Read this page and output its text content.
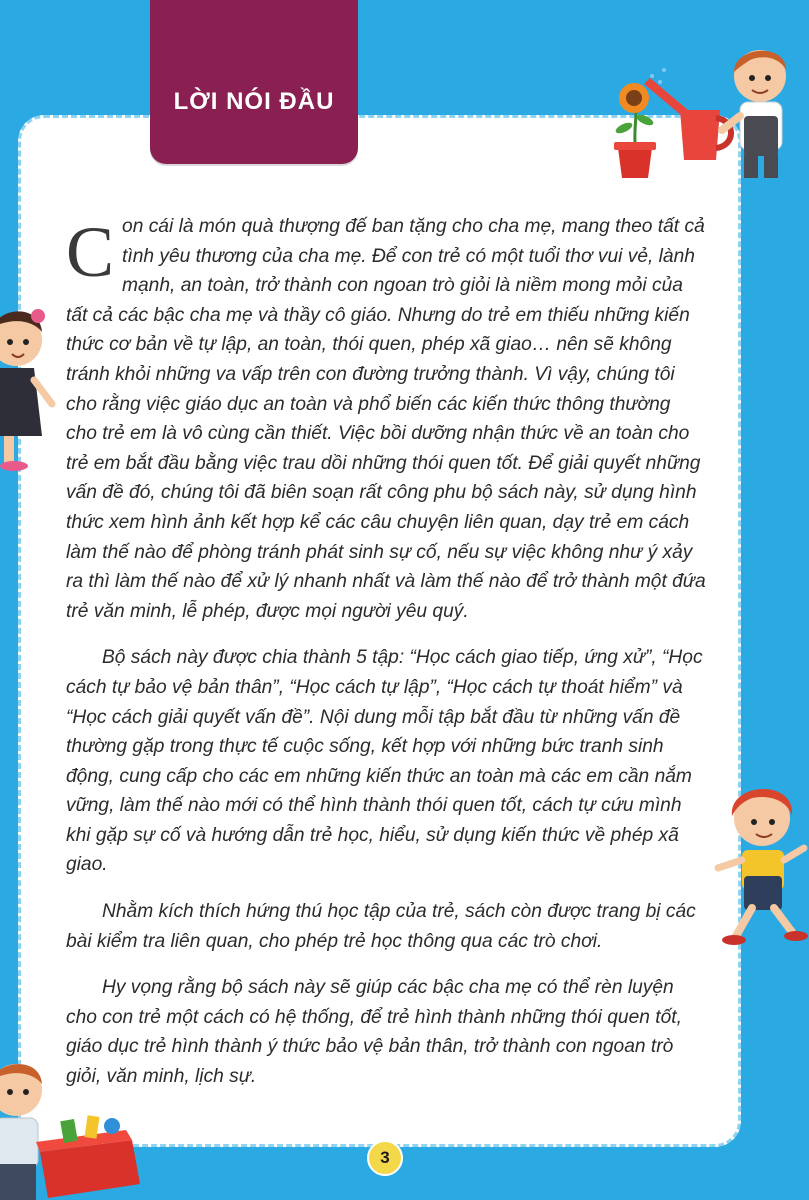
LỜI NÓI ĐẦU

Con cái là món quà thượng đế ban tặng cho cha mẹ, mang theo tất cả tình yêu thương của cha mẹ. Để con trẻ có một tuổi thơ vui vẻ, lành mạnh, an toàn, trở thành con ngoan trò giỏi là niềm mong mỏi của tất cả các bậc cha mẹ và thầy cô giáo. Nhưng do trẻ em thiếu những kiến thức cơ bản về tự lập, an toàn, thói quen, phép xã giao… nên sẽ không tránh khỏi những va vấp trên con đường trưởng thành. Vì vậy, chúng tôi cho rằng việc giáo dục an toàn và phổ biến các kiến thức thông thường cho trẻ em là vô cùng cần thiết. Việc bồi dưỡng nhận thức về an toàn cho trẻ em bắt đầu bằng việc trau dồi những thói quen tốt. Để giải quyết những vấn đề đó, chúng tôi đã biên soạn rất công phu bộ sách này, sử dụng hình thức xem hình ảnh kết hợp kể các câu chuyện liên quan, dạy trẻ em cách làm thế nào để phòng tránh phát sinh sự cố, nếu sự việc không như ý xảy ra thì làm thế nào để xử lý nhanh nhất và làm thế nào để trở thành một đứa trẻ văn minh, lễ phép, được mọi người yêu quý.

Bộ sách này được chia thành 5 tập: “Học cách giao tiếp, ứng xử”, “Học cách tự bảo vệ bản thân”, “Học cách tự lập”, “Học cách tự thoát hiểm” và “Học cách giải quyết vấn đề”. Nội dung mỗi tập bắt đầu từ những vấn đề thường gặp trong thực tế cuộc sống, kết hợp với những bức tranh sinh động, cung cấp cho các em những kiến thức an toàn mà các em cần nắm vững, làm thế nào mới có thể hình thành thói quen tốt, cách tự cứu mình khi gặp sự cố và hướng dẫn trẻ học, hiểu, sử dụng kiến thức về phép xã giao.

Nhằm kích thích hứng thú học tập của trẻ, sách còn được trang bị các bài kiểm tra liên quan, cho phép trẻ học thông qua các trò chơi.

Hy vọng rằng bộ sách này sẽ giúp các bậc cha mẹ có thể rèn luyện cho con trẻ một cách có hệ thống, để trẻ hình thành những thói quen tốt, giáo dục trẻ hình thành ý thức bảo vệ bản thân, trở thành con ngoan trò giỏi, văn minh, lịch sự.

3
